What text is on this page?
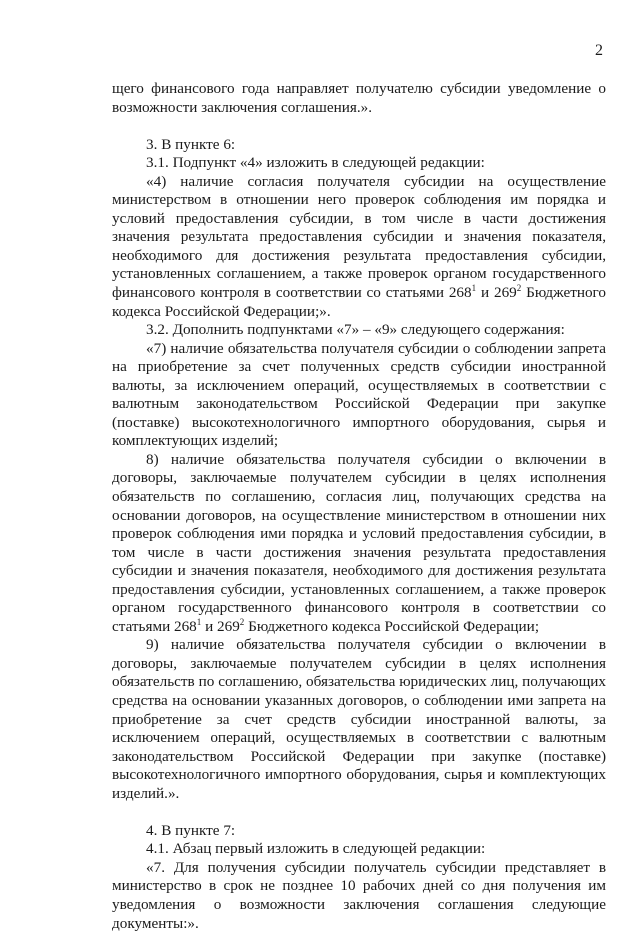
2

щего финансового года направляет получателю субсидии уведомление о возможности заключения соглашения.».

3. В пункте 6:

3.1. Подпункт «4» изложить в следующей редакции:

«4) наличие согласия получателя субсидии на осуществление министерством в отношении него проверок соблюдения им порядка и условий предоставления субсидии, в том числе в части достижения значения результата предоставления субсидии и значения показателя, необходимого для достижения результата предоставления субсидии, установленных соглашением, а также проверок органом государственного финансового контроля в соответствии со статьями $268^1$ и $269^2$ Бюджетного кодекса Российской Федерации;».

3.2. Дополнить подпунктами «7» – «9» следующего содержания:

«7) наличие обязательства получателя субсидии о соблюдении запрета на приобретение за счет полученных средств субсидии иностранной валюты, за исключением операций, осуществляемых в соответствии с валютным законодательством Российской Федерации при закупке (поставке) высокотехнологичного импортного оборудования, сырья и комплектующих изделий;

8) наличие обязательства получателя субсидии о включении в договоры, заключаемые получателем субсидии в целях исполнения обязательств по соглашению, согласия лиц, получающих средства на основании договоров, на осуществление министерством в отношении них проверок соблюдения ими порядка и условий предоставления субсидии, в том числе в части достижения значения результата предоставления субсидии и значения показателя, необходимого для достижения результата предоставления субсидии, установленных соглашением, а также проверок органом государственного финансового контроля в соответствии со статьями $268^1$ и $269^2$ Бюджетного кодекса Российской Федерации;

9) наличие обязательства получателя субсидии о включении в договоры, заключаемые получателем субсидии в целях исполнения обязательств по соглашению, обязательства юридических лиц, получающих средства на основании указанных договоров, о соблюдении ими запрета на приобретение за счет средств субсидии иностранной валюты, за исключением операций, осуществляемых в соответствии с валютным законодательством Российской Федерации при закупке (поставке) высокотехнологичного импортного оборудования, сырья и комплектующих изделий.».

4. В пункте 7:

4.1. Абзац первый изложить в следующей редакции:

«7. Для получения субсидии получатель субсидии представляет в министерство в срок не позднее 10 рабочих дней со дня получения им уведомления о возможности заключения соглашения следующие документы:».
